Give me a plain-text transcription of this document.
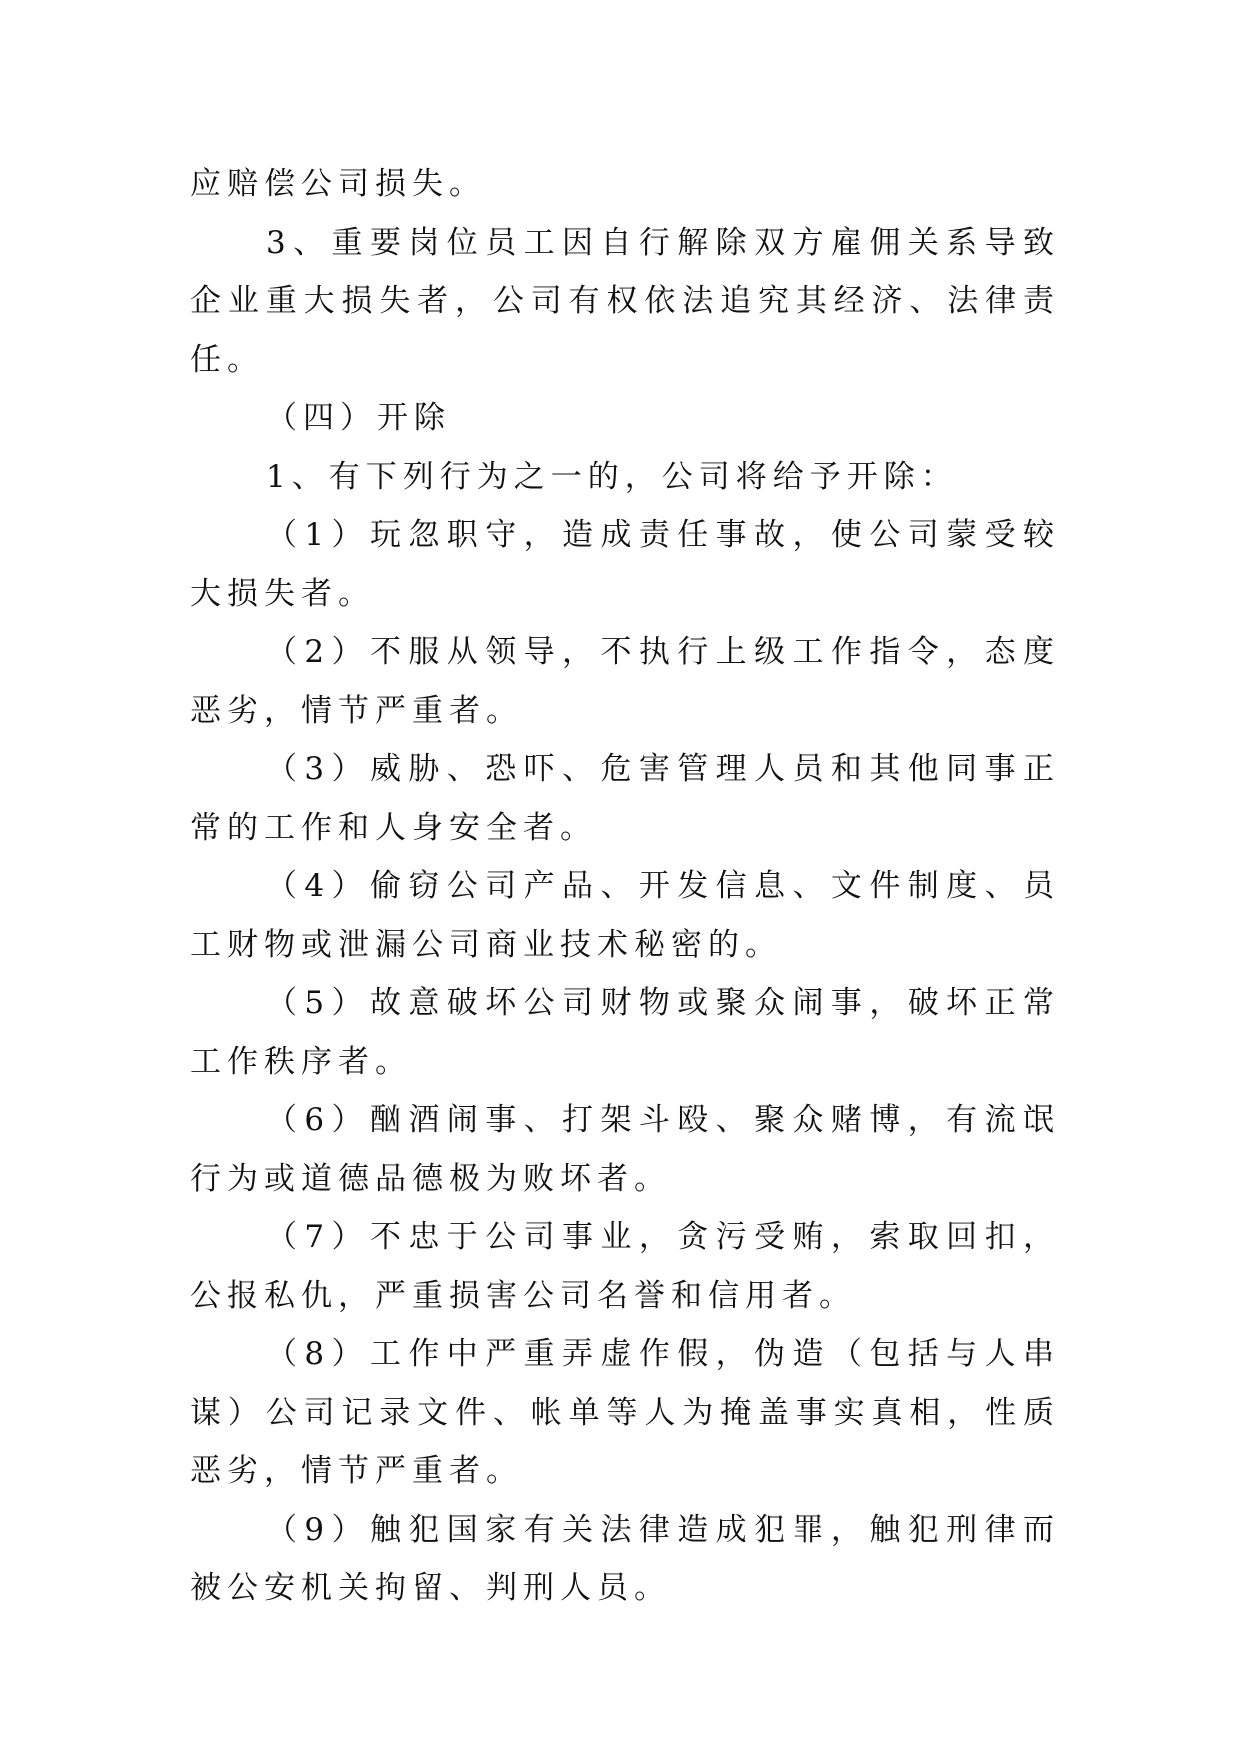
应赔偿公司损失。

3、重要岗位员工因自行解除双方雇佣关系导致企业重大损失者，公司有权依法追究其经济、法律责任。

（四）开除

1、有下列行为之一的，公司将给予开除：

（1）玩忽职守，造成责任事故，使公司蒙受较大损失者。

（2）不服从领导，不执行上级工作指令，态度恶劣，情节严重者。

（3）威胁、恐吓、危害管理人员和其他同事正常的工作和人身安全者。

（4）偷窃公司产品、开发信息、文件制度、员工财物或泄漏公司商业技术秘密的。

（5）故意破坏公司财物或聚众闹事，破坏正常工作秩序者。

（6）酗酒闹事、打架斗殴、聚众赌博，有流氓行为或道德品德极为败坏者。

（7）不忠于公司事业，贪污受贿，索取回扣，公报私仇，严重损害公司名誉和信用者。

（8）工作中严重弄虚作假，伪造（包括与人串谋）公司记录文件、帐单等人为掩盖事实真相，性质恶劣，情节严重者。

（9）触犯国家有关法律造成犯罪，触犯刑律而被公安机关拘留、判刑人员。
